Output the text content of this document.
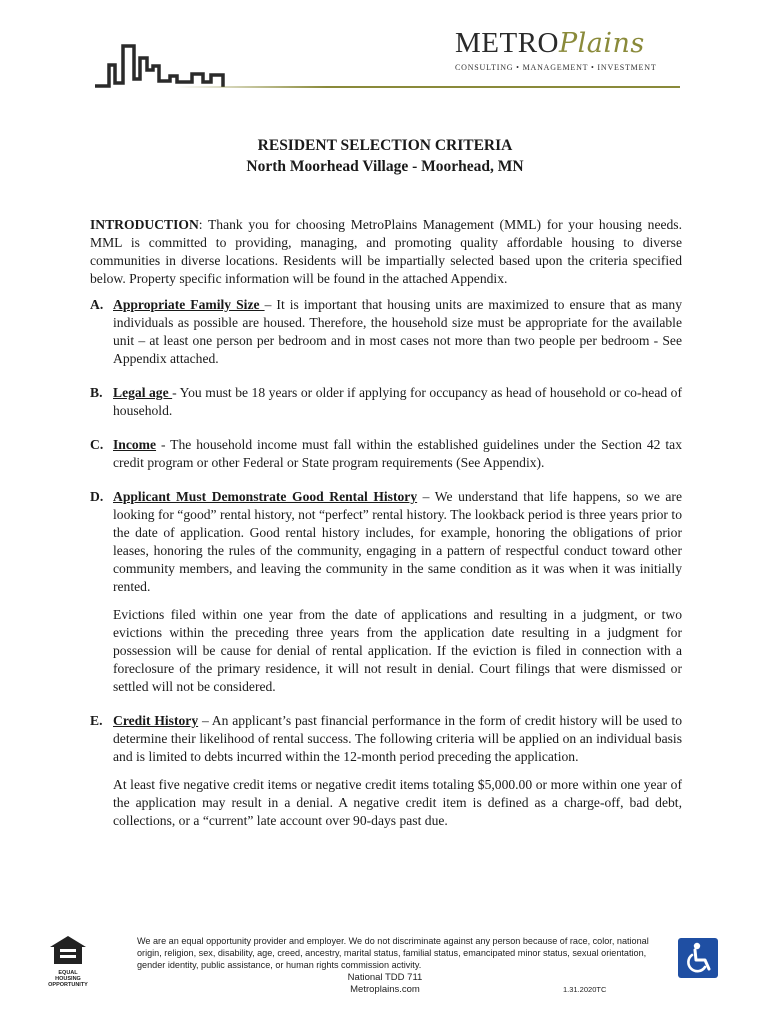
METROPlains
CONSULTING • MANAGEMENT • INVESTMENT
RESIDENT SELECTION CRITERIA
North Moorhead Village - Moorhead, MN

INTRODUCTION: Thank you for choosing MetroPlains Management (MML) for your housing needs. MML is committed to providing, managing, and promoting quality affordable housing to diverse communities in diverse locations. Residents will be impartially selected based upon the criteria specified below. Property specific information will be found in the attached Appendix.

A. Appropriate Family Size – It is important that housing units are maximized to ensure that as many individuals as possible are housed. Therefore, the household size must be appropriate for the available unit – at least one person per bedroom and in most cases not more than two people per bedroom - See Appendix attached.

B. Legal age - You must be 18 years or older if applying for occupancy as head of household or co-head of household.

C. Income - The household income must fall within the established guidelines under the Section 42 tax credit program or other Federal or State program requirements (See Appendix).

D. Applicant Must Demonstrate Good Rental History – We understand that life happens, so we are looking for “good” rental history, not “perfect” rental history. The lookback period is three years prior to the date of application. Good rental history includes, for example, honoring the obligations of prior leases, honoring the rules of the community, engaging in a pattern of respectful conduct toward other community members, and leaving the community in the same condition as it was when it was initially rented.

Evictions filed within one year from the date of applications and resulting in a judgment, or two evictions within the preceding three years from the application date resulting in a judgment for possession will be cause for denial of rental application. If the eviction is filed in connection with a foreclosure of the primary residence, it will not result in denial. Court filings that were dismissed or settled will not be considered.

E. Credit History – An applicant’s past financial performance in the form of credit history will be used to determine their likelihood of rental success. The following criteria will be applied on an individual basis and is limited to debts incurred within the 12-month period preceding the application.

At least five negative credit items or negative credit items totaling $5,000.00 or more within one year of the application may result in a denial. A negative credit item is defined as a charge-off, bad debt, collections, or a “current” late account over 90-days past due.

EQUAL HOUSING
OPPORTUNITY
We are an equal opportunity provider and employer. We do not discriminate against any person because of race, color, national origin, religion, sex, disability, age, creed, ancestry, marital status, familial status, emancipated minor status, sexual orientation, gender identity, public assistance, or human rights commission activity.
National TDD 711
Metroplains.com	1.31.2020TC
